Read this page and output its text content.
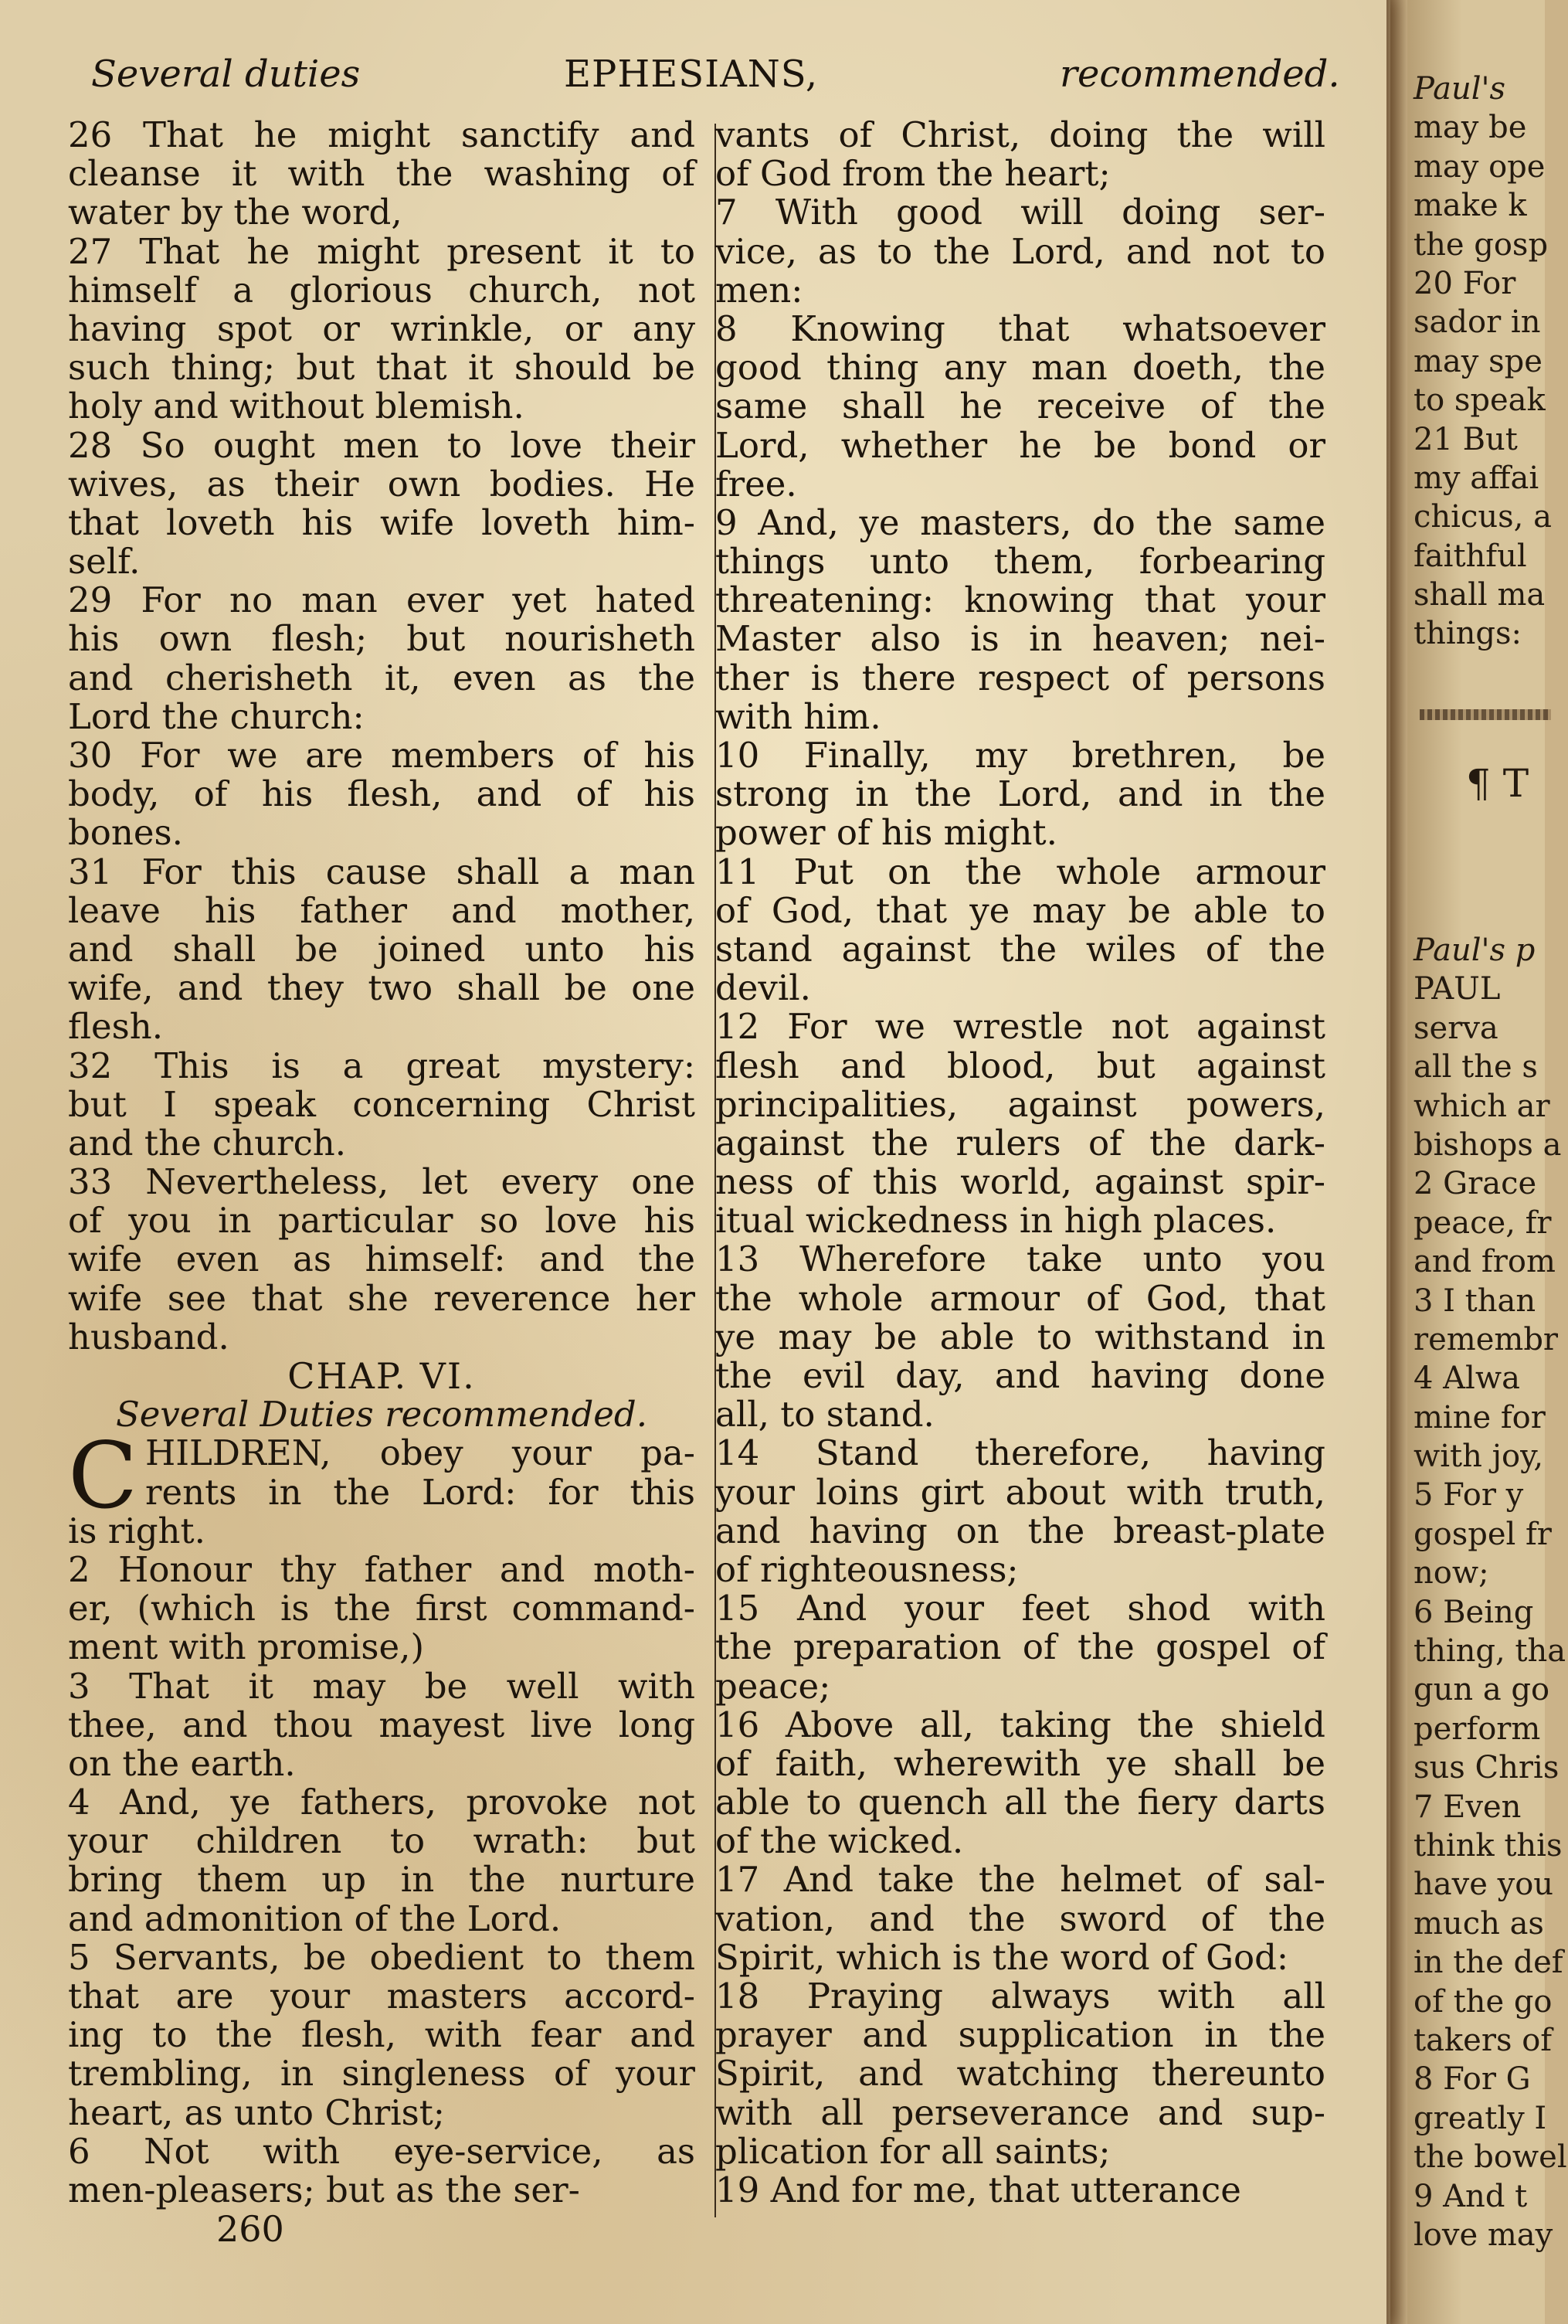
Several duties	EPHESIANS,	recommended.
26 That he might sanctify and
cleanse it with the washing of
water by the word,
27 That he might present it to
himself a glorious church, not
having spot or wrinkle, or any
such thing; but that it should be
holy and without blemish.
28 So ought men to love their
wives, as their own bodies. He
that loveth his wife loveth him-
self.
29 For no man ever yet hated
his own flesh; but nourisheth
and cherisheth it, even as the
Lord the church:
30 For we are members of his
body, of his flesh, and of his
bones.
31 For this cause shall a man
leave his father and mother,
and shall be joined unto his
wife, and they two shall be one
flesh.
32 This is a great mystery:
but I speak concerning Christ
and the church.
33 Nevertheless, let every one
of you in particular so love his
wife even as himself: and the
wife see that she reverence her
husband.
CHAP. VI.
Several Duties recommended.
HILDREN, obey your pa-
rents in the Lord: for this
is right.
2 Honour thy father and moth-
er, (which is the first command-
ment with promise,)
3 That it may be well with
thee, and thou mayest live long
on the earth.
4 And, ye fathers, provoke not
your children to wrath: but
bring them up in the nurture
and admonition of the Lord.
5 Servants, be obedient to them
that are your masters accord-
ing to the flesh, with fear and
trembling, in singleness of your
heart, as unto Christ;
6 Not with eye-service, as
men-pleasers; but as the ser-
C
vants of Christ, doing the will
of God from the heart;
7 With good will doing ser-
vice, as to the Lord, and not to
men:
8 Knowing that whatsoever
good thing any man doeth, the
same shall he receive of the
Lord, whether he be bond or
free.
9 And, ye masters, do the same
things unto them, forbearing
threatening: knowing that your
Master also is in heaven; nei-
ther is there respect of persons
with him.
10 Finally, my brethren, be
strong in the Lord, and in the
power of his might.
11 Put on the whole armour
of God, that ye may be able to
stand against the wiles of the
devil.
12 For we wrestle not against
flesh and blood, but against
principalities, against powers,
against the rulers of the dark-
ness of this world, against spir-
itual wickedness in high places.
13 Wherefore take unto you
the whole armour of God, that
ye may be able to withstand in
the evil day, and having done
all, to stand.
14 Stand therefore, having
your loins girt about with truth,
and having on the breast-plate
of righteousness;
15 And your feet shod with
the preparation of the gospel of
peace;
16 Above all, taking the shield
of faith, wherewith ye shall be
able to quench all the fiery darts
of the wicked.
17 And take the helmet of sal-
vation, and the sword of the
Spirit, which is the word of God:
18 Praying always with all
prayer and supplication in the
Spirit, and watching thereunto
with all perseverance and sup-
plication for all saints;
19 And for me, that utterance
260
Paul's
may be
may ope
make k
the gosp
20 For
sador in
may spe
to speak
21 But
my affai
chicus, a
faithful
shall ma
things:
¶ T
Paul's p
PAUL
serva
all the s
which ar
bishops a
2 Grace
peace, fr
and from
3 I than
remembr
4 Alwa
mine for
with joy,
5 For y
gospel fr
now;
6 Being
thing, tha
gun a go
perform
sus Chris
7 Even
think this
have you
much as
in the def
of the go
takers of
8 For G
greatly I
the bowel
9 And t
love may
